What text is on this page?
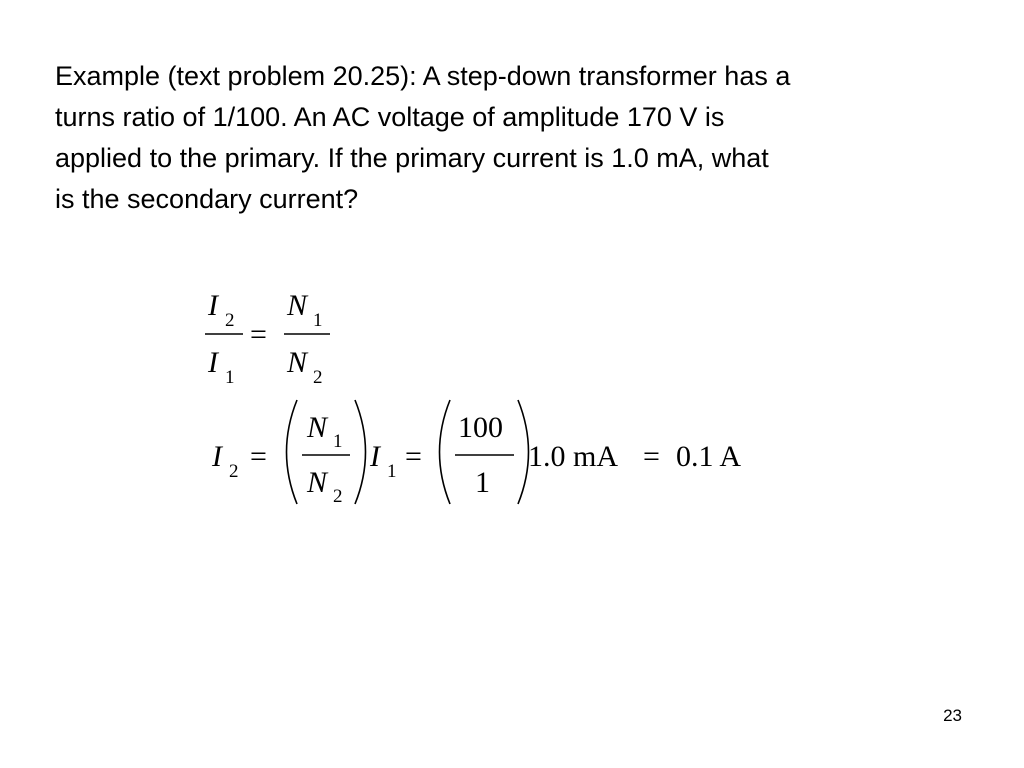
Example (text problem 20.25): A step-down transformer has a
turns ratio of 1/100. An AC voltage of amplitude 170 V is
applied to the primary. If the primary current is 1.0 mA, what
is the secondary current?

I 2
I 1
=
N 1
N 2
I 2 =
N 1
N 2
I 1 =
100
1
1.0 mA = 0.1 A
23
